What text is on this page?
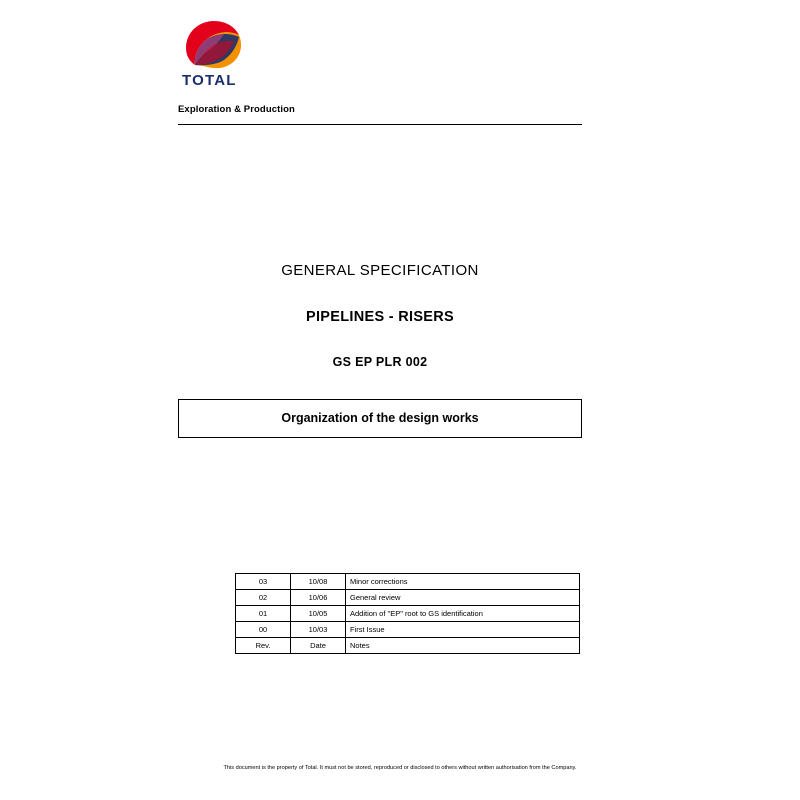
TOTAL
Exploration & Production
GENERAL SPECIFICATION
PIPELINES - RISERS
GS EP PLR 002
Organization of the design works
03	10/08	Minor corrections
02	10/06	General review
01	10/05	Addition of "EP" root to GS identification
00	10/03	First Issue
Rev.	Date	Notes
This document is the property of Total. It must not be stored, reproduced or disclosed to others without written authorisation from the Company.
